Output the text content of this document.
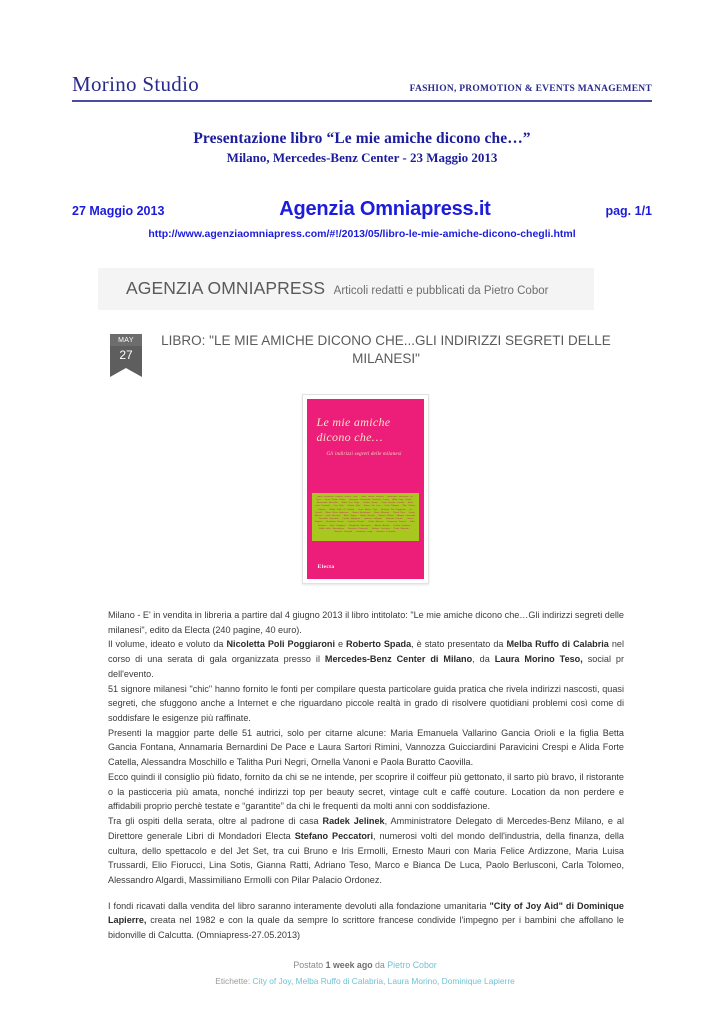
Morino Studio	FASHION, PROMOTION & EVENTS MANAGEMENT
Presentazione libro “Le mie amiche dicono che…”
Milano, Mercedes-Benz Center - 23 Maggio 2013
27 Maggio 2013	Agenzia Omniapress.it	pag. 1/1
http://www.agenziaomniapress.com/#!/2013/05/libro-le-mie-amiche-dicono-chegli.html
AGENZIA OMNIAPRESS Articoli redatti e pubblicati da Pietro Cobor
MAY
27
LIBRO: "LE MIE AMICHE DICONO CHE...GLI INDIRIZZI SEGRETI DELLE MILANESI"
Le mie amiche
dicono che…
Gli indirizzi segreti delle milanesi
Maria Emanuela Vallarino Gancia Orioli · Betta Gancia Fontana · Annamaria Bernardini De Pace · Laura Sartori Rimini · Vannozza Guicciardini Paravicini Crespi · Alida Forte Catella · Alessandra Moschillo · Talitha Puri Negri · Ornella Vanoni · Paola Buratto Caovilla · Maria Luisa Trussardi · Lina Sotis · Gianna Ratti · Bianca De Luca · Carla Tolomeo · Pilar Palacio Ordonez · Melba Ruffo di Calabria · Laura Morino Teso · Nicoletta Poli Poggiaroni · Iris Ermolli · Maria Felice Ardizzone · Bianca Arrivabene · Marta Marzotto · Chiara Boni · Rosita Missoni · Luisa Beccaria · Anna Zegna · Verde Visconti · Ginevra Elkann · Allegra Caracciolo · Donatella Girombelli · Camilla Borghese · Ludovica Pellegrini · Nicoletta Fiorucci · Lavinia Biagiotti · Benedetta Barzini · Cristiana Ruspoli · Orsola Mazzoni · Francesca Versace · Silvia Venturini · Ilaria Castiglioni · Margherita Maccapani · Alessia Antinori · Delfina Delettrez · Sibilla della Gherardesca · Giovanna Furlanetto · Stefania Lucchetta · Paola Marzotto · Beatrice Trussardi · Diamante Luling · Costanza Pascolato
Electa

Milano - E' in vendita in libreria a partire dal 4 giugno 2013 il libro intitolato: "Le mie amiche dicono che…Gli indirizzi segreti delle milanesi", edito da Electa (240 pagine, 40 euro).

Il volume, ideato e voluto da Nicoletta Poli Poggiaroni e Roberto Spada, è stato presentato da Melba Ruffo di Calabria nel corso di una serata di gala organizzata presso il Mercedes-Benz Center di Milano, da Laura Morino Teso, social pr dell'evento.

51 signore milanesi "chic" hanno fornito le fonti per compilare questa particolare guida pratica che rivela indirizzi nascosti, quasi segreti, che sfuggono anche a Internet e che riguardano piccole realtà in grado di risolvere quotidiani problemi così come di soddisfare le esigenze più raffinate.

Presenti la maggior parte delle 51 autrici, solo per citarne alcune: Maria Emanuela Vallarino Gancia Orioli e la figlia Betta Gancia Fontana, Annamaria Bernardini De Pace e Laura Sartori Rimini, Vannozza Guicciardini Paravicini Crespi e Alida Forte Catella, Alessandra Moschillo e Talitha Puri Negri, Ornella Vanoni e Paola Buratto Caovilla.

Ecco quindi il consiglio più fidato, fornito da chi se ne intende, per scoprire il coiffeur più gettonato, il sarto più bravo, il ristorante o la pasticceria più amata, nonché indirizzi top per beauty secret, vintage cult e caffè couture. Location da non perdere e affidabili proprio perchè testate e “garantite” da chi le frequenti da molti anni con soddisfazione.

Tra gli ospiti della serata, oltre al padrone di casa Radek Jelinek, Amministratore Delegato di Mercedes-Benz Milano, e al Direttore generale Libri di Mondadori Electa Stefano Peccatori, numerosi volti del mondo dell'industria, della finanza, della cultura, dello spettacolo e del Jet Set, tra cui Bruno e Iris Ermolli, Ernesto Mauri con Maria Felice Ardizzone, Maria Luisa Trussardi, Elio Fiorucci, Lina Sotis, Gianna Ratti, Adriano Teso, Marco e Bianca De Luca, Paolo Berlusconi, Carla Tolomeo, Alessandro Algardi, Massimiliano Ermolli con Pilar Palacio Ordonez.

I fondi ricavati dalla vendita del libro saranno interamente devoluti alla fondazione umanitaria "City of Joy Aid" di Dominique Lapierre, creata nel 1982 e con la quale da sempre lo scrittore francese condivide l'impegno per i bambini che affollano le bidonville di Calcutta. (Omniapress-27.05.2013)

Postato 1 week ago da Pietro Cobor
Etichette: City of Joy, Melba Ruffo di Calabria, Laura Morino, Dominique Lapierre
